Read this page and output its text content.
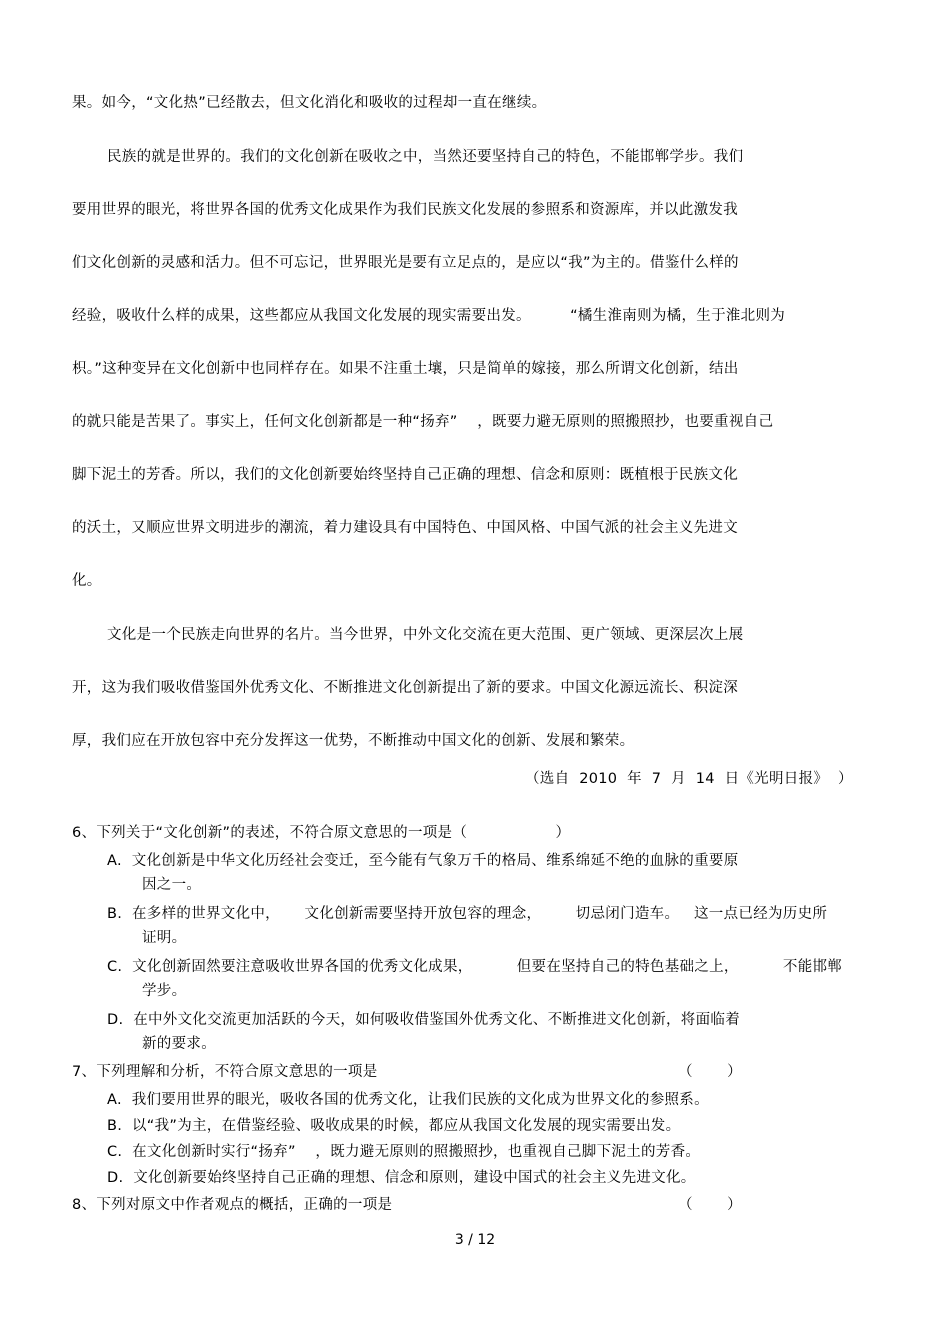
果。如今，“文化热”已经散去，但文化消化和吸收的过程却一直在继续。
民族的就是世界的。我们的文化创新在吸收之中，当然还要坚持自己的特色，不能邯郸学步。我们
要用世界的眼光，将世界各国的优秀文化成果作为我们民族文化发展的参照系和资源库，并以此激发我
们文化创新的灵感和活力。但不可忘记，世界眼光是要有立足点的，是应以“我”为主的。借鉴什么样的
经验，吸收什么样的成果，这些都应从我国文化发展的现实需要出发。        “橘生淮南则为橘，生于淮北则为
枳。”这种变异在文化创新中也同样存在。如果不注重土壤，只是简单的嫁接，那么所谓文化创新，结出
的就只能是苦果了。事实上，任何文化创新都是一种“扬弃”    ，既要力避无原则的照搬照抄，也要重视自己
脚下泥土的芳香。所以，我们的文化创新要始终坚持自己正确的理想、信念和原则：既植根于民族文化
的沃土，又顺应世界文明进步的潮流，着力建设具有中国特色、中国风格、中国气派的社会主义先进文
化。
文化是一个民族走向世界的名片。当今世界，中外文化交流在更大范围、更广领域、更深层次上展
开，这为我们吸收借鉴国外优秀文化、不断推进文化创新提出了新的要求。中国文化源远流长、积淀深
厚，我们应在开放包容中充分发挥这一优势，不断推动中国文化的创新、发展和繁荣。
（选自  2010  年  7  月  14  日《光明日报》  ）
6、下列关于“文化创新”的表述，不符合原文意思的一项是（                  ）
A.  文化创新是中华文化历经社会变迁，至今能有气象万千的格局、维系绵延不绝的血脉的重要原
因之一。
B.  在多样的世界文化中，     文化创新需要坚持开放包容的理念，       切忌闭门造车。   这一点已经为历史所
证明。
C.  文化创新固然要注意吸收世界各国的优秀文化成果，         但要在坚持自己的特色基础之上，         不能邯郸
学步。
D.  在中外文化交流更加活跃的今天，如何吸收借鉴国外优秀文化、不断推进文化创新，将面临着
新的要求。
7、下列理解和分析，不符合原文意思的一项是	（       ）
A.  我们要用世界的眼光，吸收各国的优秀文化，让我们民族的文化成为世界文化的参照系。
B.  以“我”为主，在借鉴经验、吸收成果的时候，都应从我国文化发展的现实需要出发。
C.  在文化创新时实行“扬弃”    ，既力避无原则的照搬照抄，也重视自己脚下泥土的芳香。
D.  文化创新要始终坚持自己正确的理想、信念和原则，建设中国式的社会主义先进文化。
8、下列对原文中作者观点的概括，正确的一项是	（       ）
3 / 12
